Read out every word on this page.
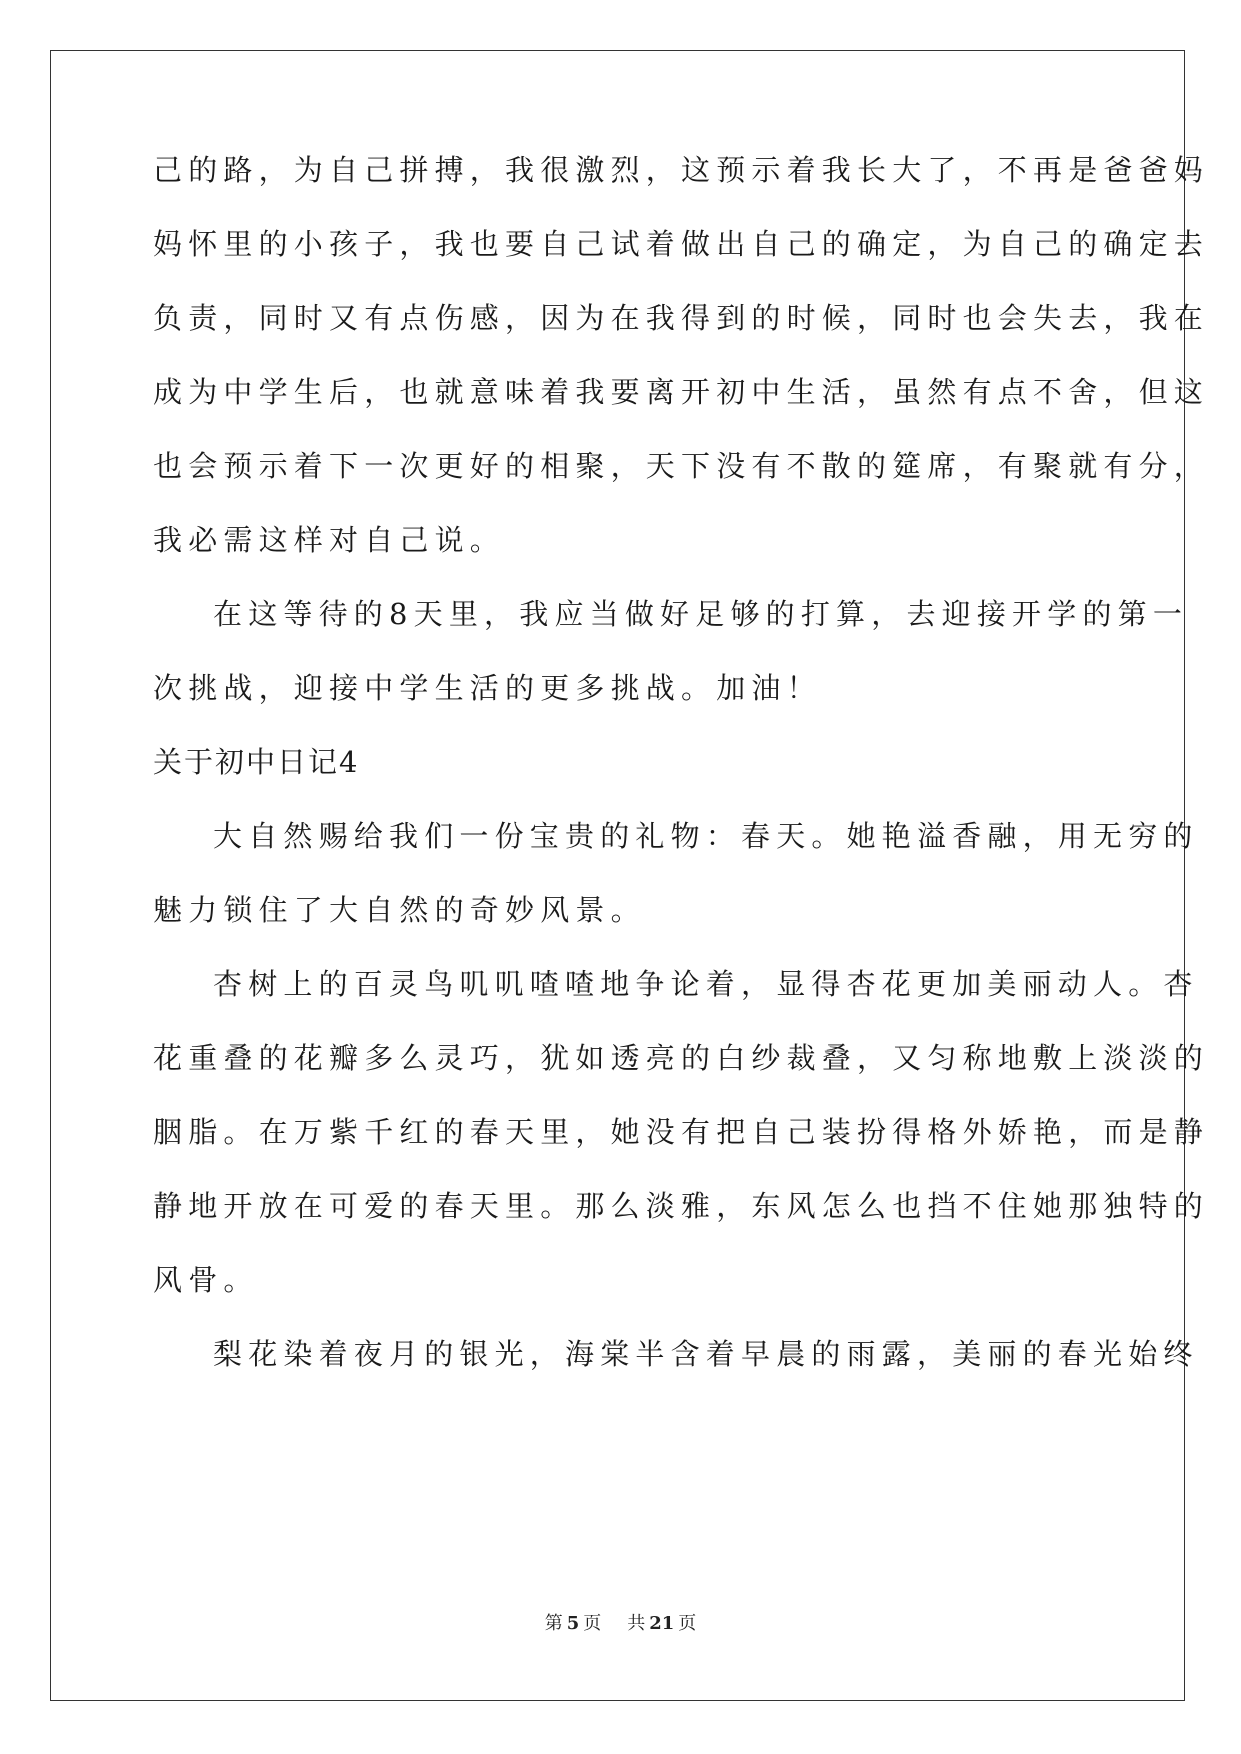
己的路，为自己拼搏，我很激烈，这预示着我长大了，不再是爸爸妈
妈怀里的小孩子，我也要自己试着做出自己的确定，为自己的确定去
负责，同时又有点伤感，因为在我得到的时候，同时也会失去，我在
成为中学生后，也就意味着我要离开初中生活，虽然有点不舍，但这
也会预示着下一次更好的相聚，天下没有不散的筵席，有聚就有分，
我必需这样对自己说。
在这等待的8天里，我应当做好足够的打算，去迎接开学的第一
次挑战，迎接中学生活的更多挑战。加油！
关于初中日记4
大自然赐给我们一份宝贵的礼物：春天。她艳溢香融，用无穷的
魅力锁住了大自然的奇妙风景。
杏树上的百灵鸟叽叽喳喳地争论着，显得杏花更加美丽动人。杏
花重叠的花瓣多么灵巧，犹如透亮的白纱裁叠，又匀称地敷上淡淡的
胭脂。在万紫千红的春天里，她没有把自己装扮得格外娇艳，而是静
静地开放在可爱的春天里。那么淡雅，东风怎么也挡不住她那独特的
风骨。
梨花染着夜月的银光，海棠半含着早晨的雨露，美丽的春光始终
第 5 页 共 21 页
